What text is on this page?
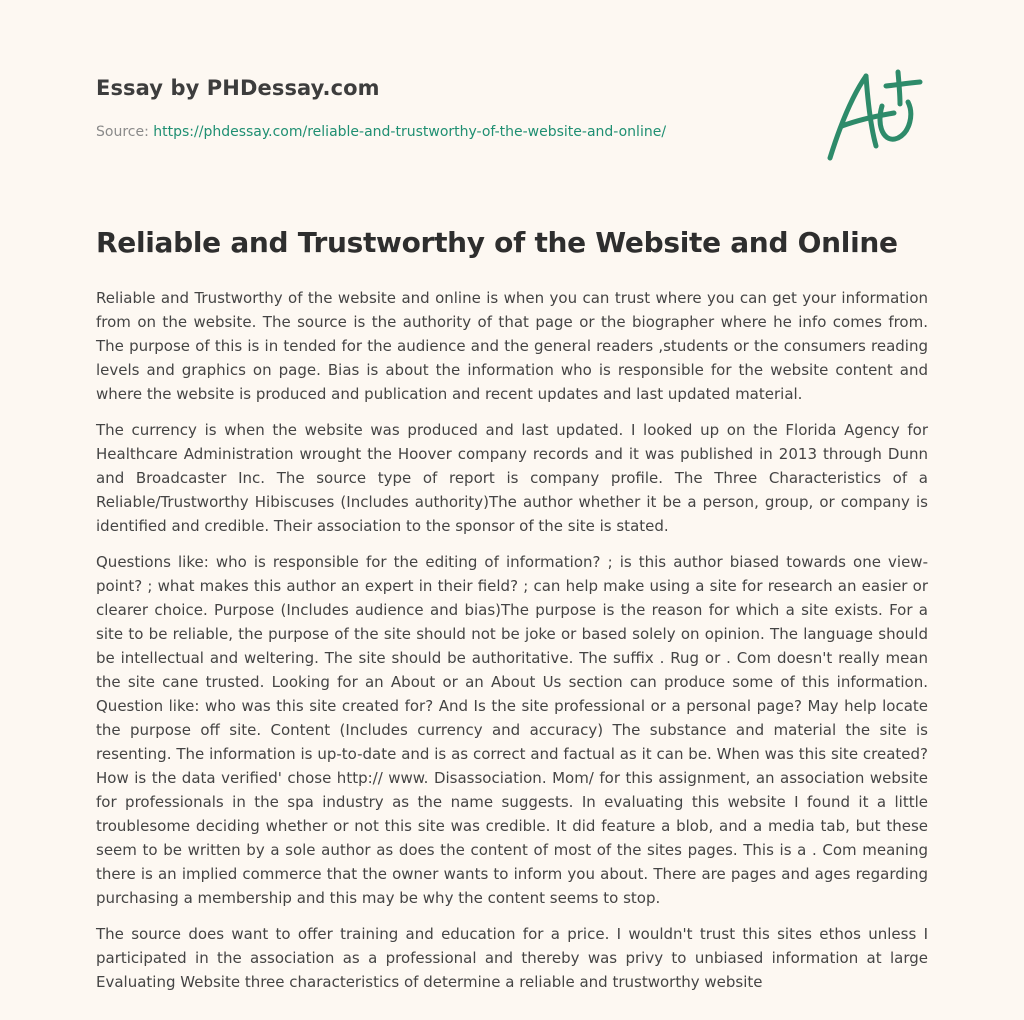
Essay by PHDessay.com
Source: https://phdessay.com/reliable-and-trustworthy-of-the-website-and-online/
Reliable and Trustworthy of the Website and Online

Reliable and Trustworthy of the website and online is when you can trust where you can get your information from on the website. The source is the authority of that page or the biographer where he info comes from. The purpose of this is in tended for the audience and the general readers ,students or the consumers reading levels and graphics on page. Bias is about the information who is responsible for the website content and where the website is produced and publication and recent updates and last updated material.

The currency is when the website was produced and last updated. I looked up on the Florida Agency for Healthcare Administration wrought the Hoover company records and it was published in 2013 through Dunn and Broadcaster Inc. The source type of report is company profile. The Three Characteristics of a Reliable/Trustworthy Hibiscuses (Includes authority)The author whether it be a person, group, or company is identified and credible. Their association to the sponsor of the site is stated.

Questions like: who is responsible for the editing of information? ; is this author biased towards one view-point? ; what makes this author an expert in their field? ; can help make using a site for research an easier or clearer choice. Purpose (Includes audience and bias)The purpose is the reason for which a site exists. For a site to be reliable, the purpose of the site should not be joke or based solely on opinion. The language should be intellectual and weltering. The site should be authoritative. The suffix . Rug or . Com doesn't really mean the site cane trusted. Looking for an About or an About Us section can produce some of this information. Question like: who was this site created for? And Is the site professional or a personal page? May help locate the purpose off site. Content (Includes currency and accuracy) The substance and material the site is resenting. The information is up-to-date and is as correct and factual as it can be. When was this site created? How is the data verified' chose http:// www. Disassociation. Mom/ for this assignment, an association website for professionals in the spa industry as the name suggests. In evaluating this website I found it a little troublesome deciding whether or not this site was credible. It did feature a blob, and a media tab, but these seem to be written by a sole author as does the content of most of the sites pages. This is a . Com meaning there is an implied commerce that the owner wants to inform you about. There are pages and ages regarding purchasing a membership and this may be why the content seems to stop.

The source does want to offer training and education for a price. I wouldn't trust this sites ethos unless I participated in the association as a professional and thereby was privy to unbiased information at large Evaluating Website three characteristics of determine a reliable and trustworthy website
